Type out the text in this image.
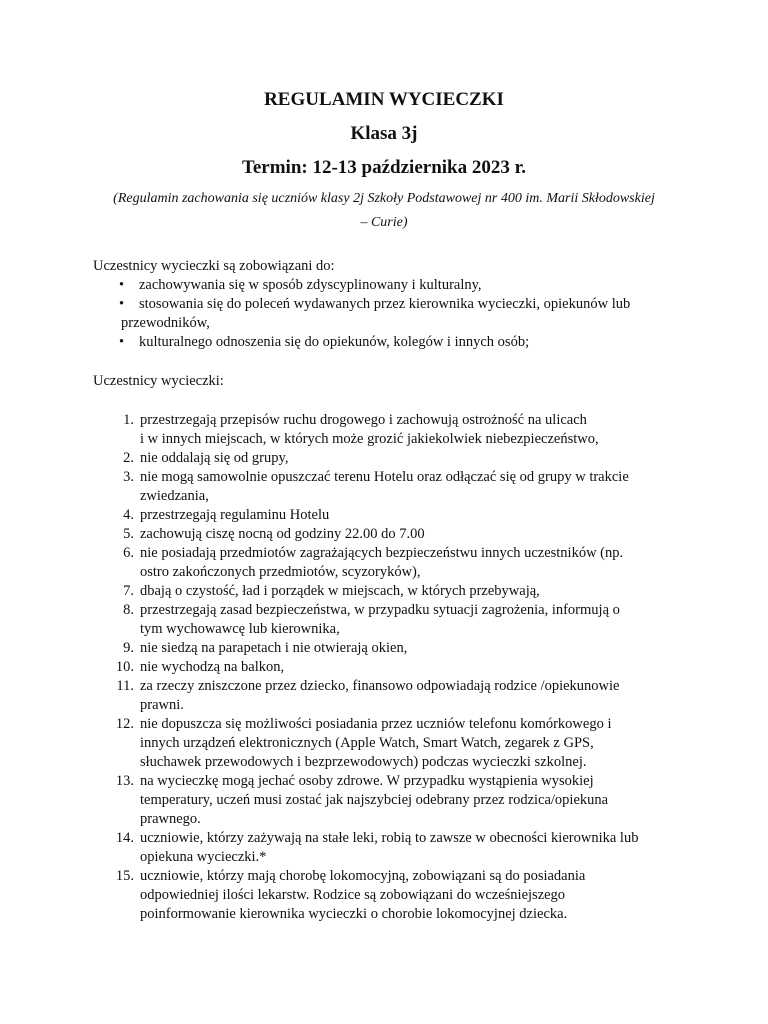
REGULAMIN WYCIECZKI
Klasa 3j
Termin: 12-13 października 2023 r.

(Regulamin zachowania się uczniów klasy 2j Szkoły Podstawowej nr 400 im. Marii Skłodowskiej – Curie)

Uczestnicy wycieczki są zobowiązani do:

•	zachowywania się w sposób zdyscyplinowany i kulturalny,
•	stosowania się do poleceń wydawanych przez kierownika wycieczki, opiekunów lub
przewodników,
•	kulturalnego odnoszenia się do opiekunów, kolegów i innych osób;

Uczestnicy wycieczki:

1. przestrzegają przepisów ruchu drogowego i zachowują ostrożność na ulicach
i w innych miejscach, w których może grozić jakiekolwiek niebezpieczeństwo,
2. nie oddalają się od grupy,
3. nie mogą samowolnie opuszczać terenu Hotelu oraz odłączać się od grupy w trakcie
zwiedzania,
4. przestrzegają regulaminu Hotelu
5. zachowują ciszę nocną od godziny 22.00 do 7.00
6. nie posiadają przedmiotów zagrażających bezpieczeństwu innych uczestników (np.
ostro zakończonych przedmiotów, scyzoryków),
7. dbają o czystość, ład i porządek w miejscach, w których przebywają,
8. przestrzegają zasad bezpieczeństwa, w przypadku sytuacji zagrożenia, informują o
tym wychowawcę lub kierownika,
9. nie siedzą na parapetach i nie otwierają okien,
10. nie wychodzą na balkon,
11. za rzeczy zniszczone przez dziecko, finansowo odpowiadają rodzice /opiekunowie
prawni.
12. nie dopuszcza się możliwości posiadania przez uczniów telefonu komórkowego i
innych urządzeń elektronicznych (Apple Watch, Smart Watch, zegarek z GPS,
słuchawek przewodowych i bezprzewodowych) podczas wycieczki szkolnej.
13. na wycieczkę mogą jechać osoby zdrowe. W przypadku wystąpienia wysokiej
temperatury, uczeń musi zostać jak najszybciej odebrany przez rodzica/opiekuna
prawnego.
14. uczniowie, którzy zażywają na stałe leki, robią to zawsze w obecności kierownika lub
opiekuna wycieczki.*
15. uczniowie, którzy mają chorobę lokomocyjną, zobowiązani są do posiadania
odpowiedniej ilości lekarstw. Rodzice są zobowiązani do wcześniejszego
poinformowanie kierownika wycieczki o chorobie lokomocyjnej dziecka.
